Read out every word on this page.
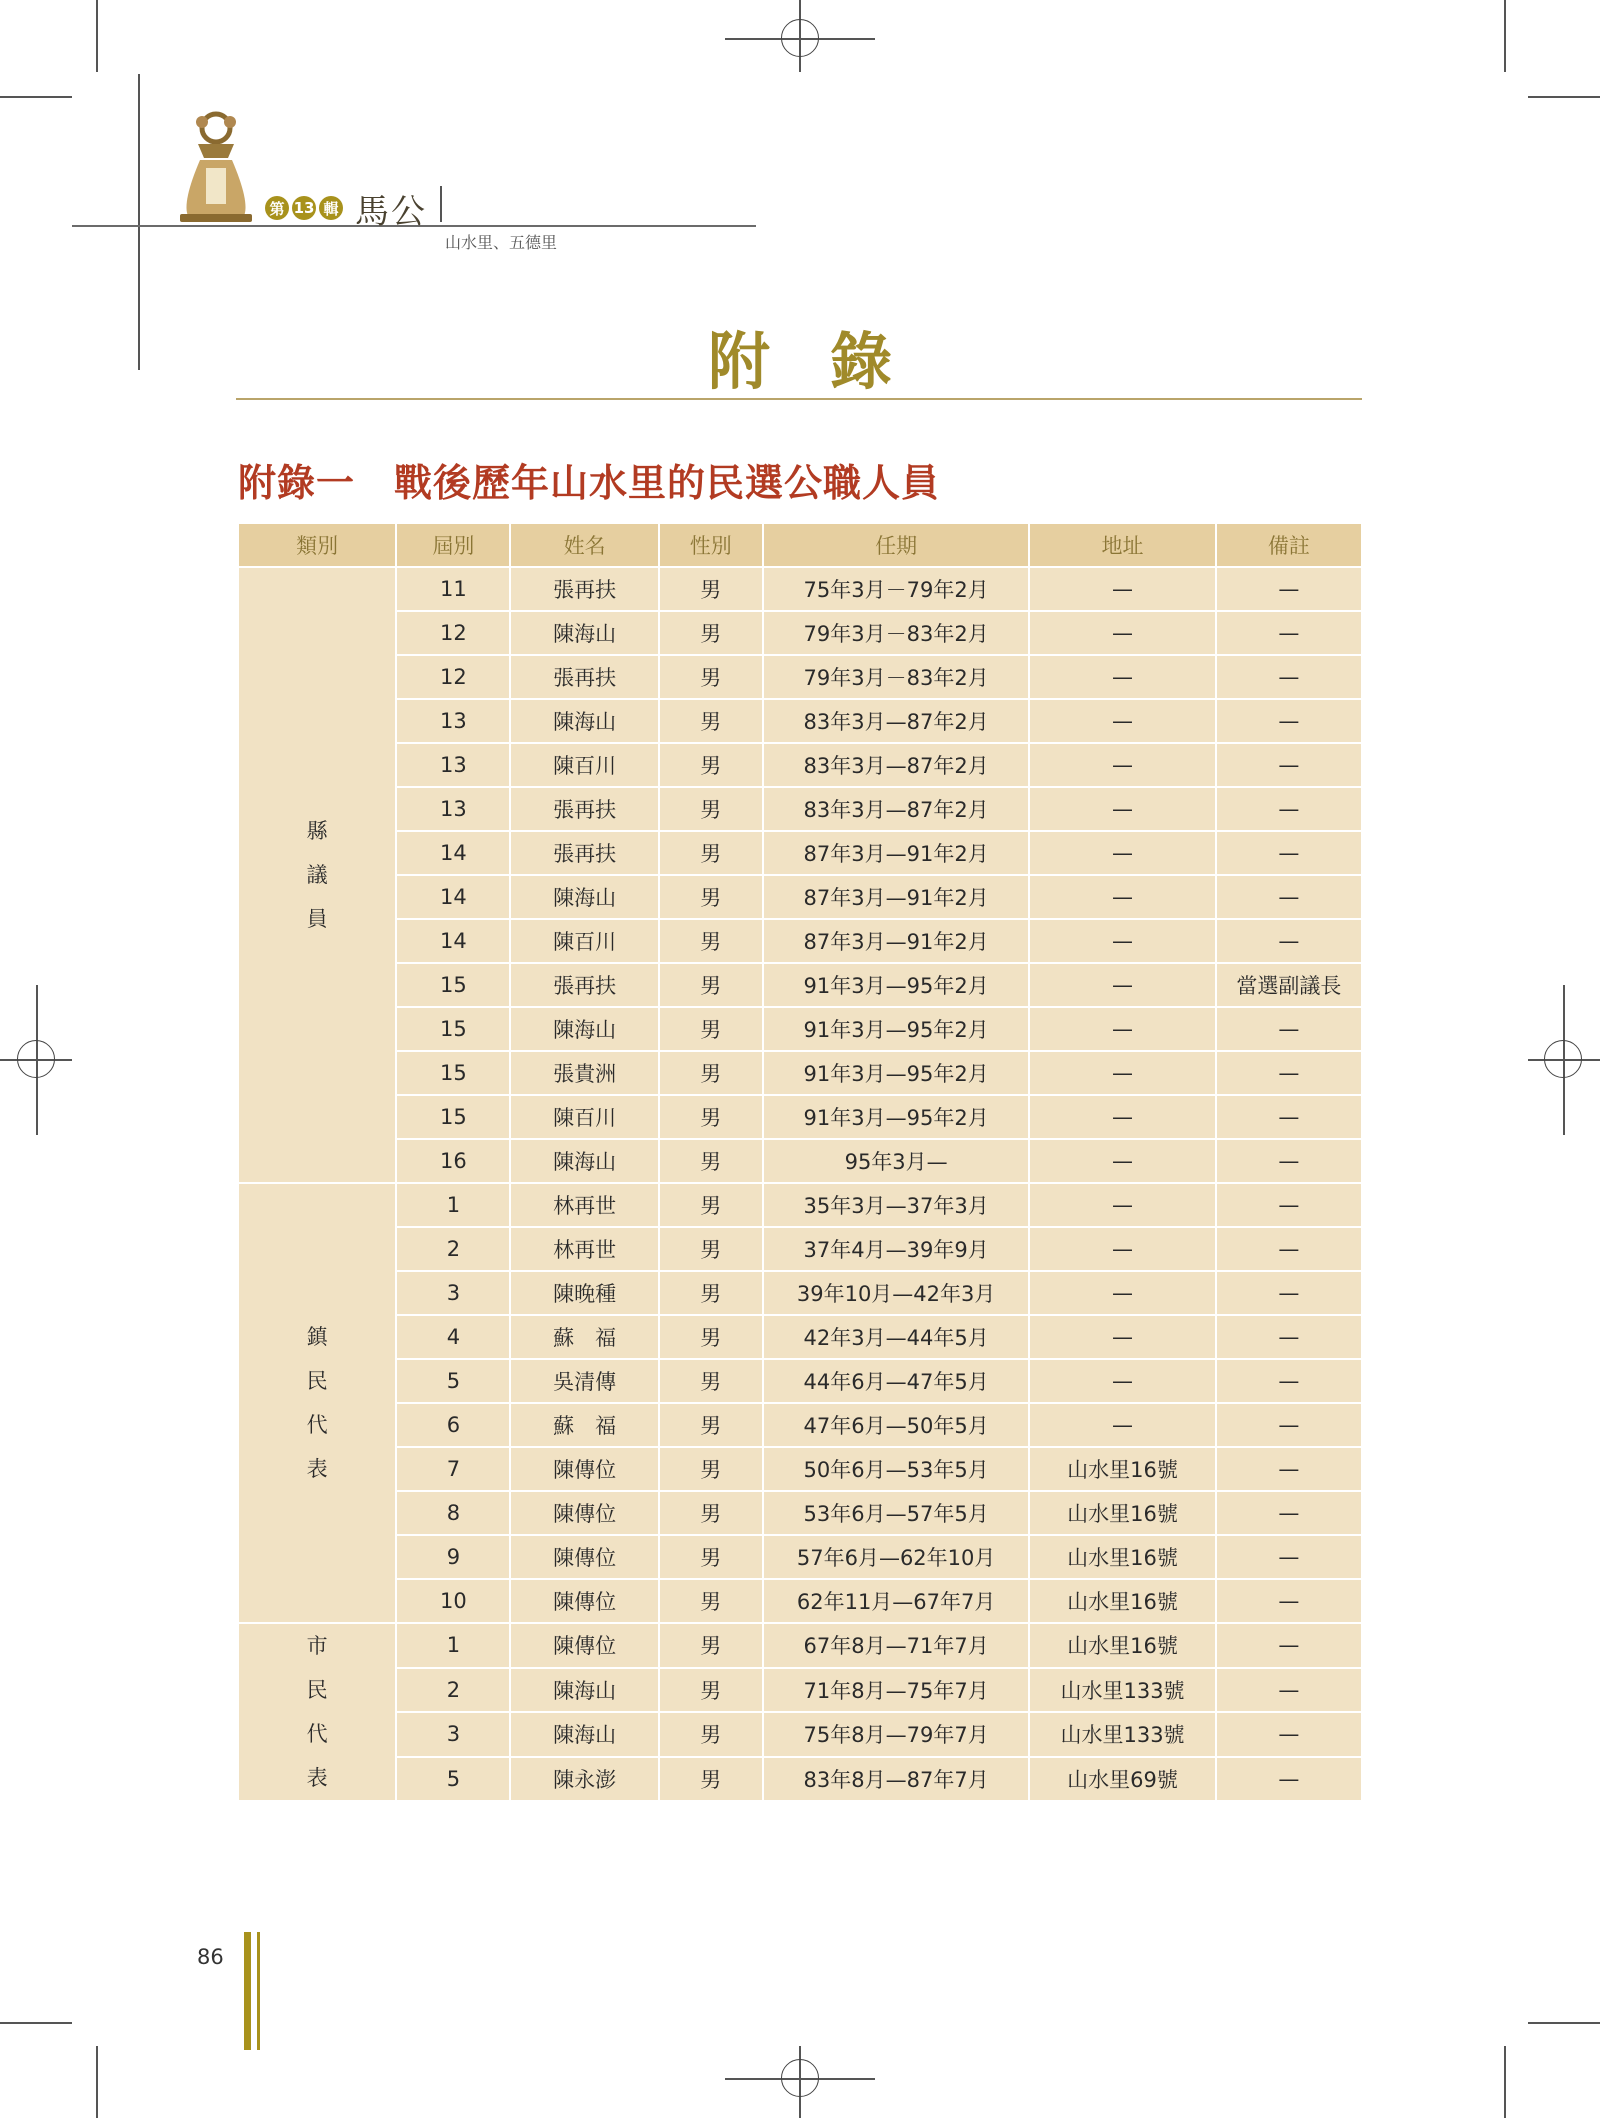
第 13 輯 馬公
山水里、五德里
附錄
附錄一　戰後歷年山水里的民選公職人員
類別	屆別	姓名	性別	任期	地址	備註

縣
議
員	11	張再扶	男	75年3月－79年2月	—	—
	12	陳海山	男	79年3月－83年2月	—	—
	12	張再扶	男	79年3月－83年2月	—	—
	13	陳海山	男	83年3月—87年2月	—	—
	13	陳百川	男	83年3月—87年2月	—	—
	13	張再扶	男	83年3月—87年2月	—	—
	14	張再扶	男	87年3月—91年2月	—	—
	14	陳海山	男	87年3月—91年2月	—	—
	14	陳百川	男	87年3月—91年2月	—	—
	15	張再扶	男	91年3月—95年2月	—	當選副議長
	15	陳海山	男	91年3月—95年2月	—	—
	15	張貴洲	男	91年3月—95年2月	—	—
	15	陳百川	男	91年3月—95年2月	—	—
	16	陳海山	男	95年3月—	—	—

鎮
民
代
表	1	林再世	男	35年3月—37年3月	—	—
	2	林再世	男	37年4月—39年9月	—	—
	3	陳晚種	男	39年10月—42年3月	—	—
	4	蘇　福	男	42年3月—44年5月	—	—
	5	吳清傳	男	44年6月—47年5月	—	—
	6	蘇　福	男	47年6月—50年5月	—	—
	7	陳傳位	男	50年6月—53年5月	山水里16號	—
	8	陳傳位	男	53年6月—57年5月	山水里16號	—
	9	陳傳位	男	57年6月—62年10月	山水里16號	—
	10	陳傳位	男	62年11月—67年7月	山水里16號	—

市
民
代
表	1	陳傳位	男	67年8月—71年7月	山水里16號	—
	2	陳海山	男	71年8月—75年7月	山水里133號	—
	3	陳海山	男	75年8月—79年7月	山水里133號	—
	5	陳永澎	男	83年8月—87年7月	山水里69號	—
86
